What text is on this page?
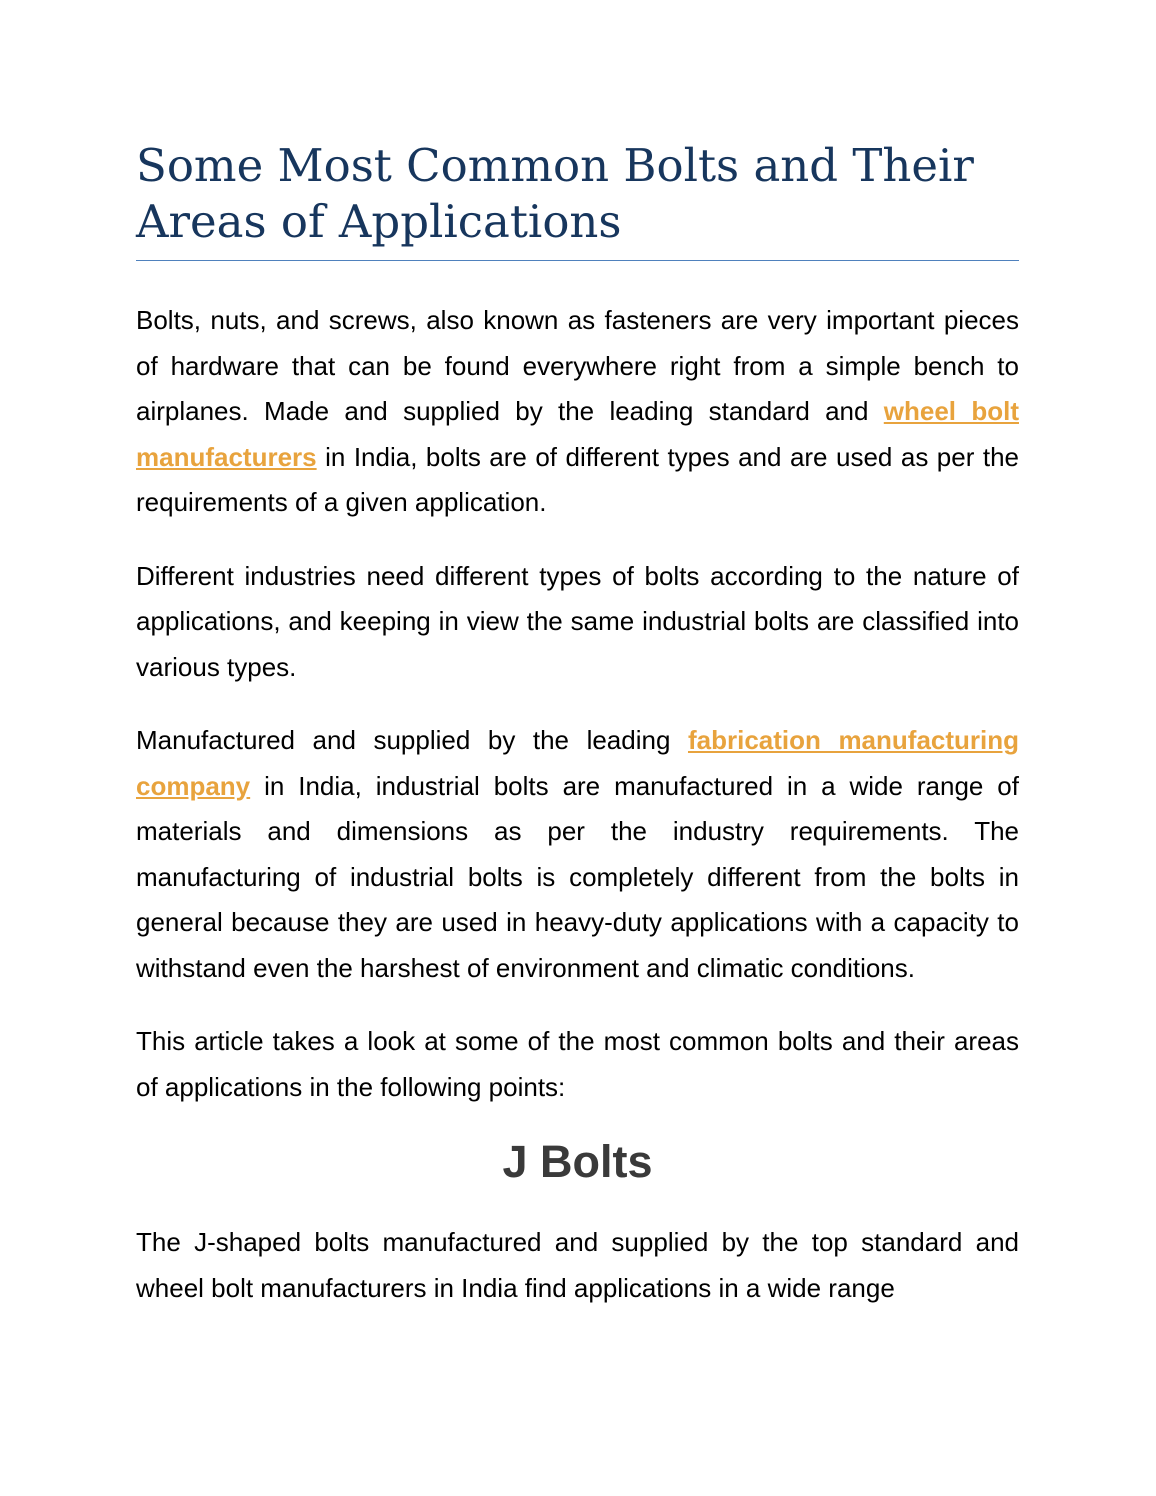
Some Most Common Bolts and Their Areas of Applications

Bolts, nuts, and screws, also known as fasteners are very important pieces of hardware that can be found everywhere right from a simple bench to airplanes. Made and supplied by the leading standard and wheel bolt manufacturers in India, bolts are of different types and are used as per the requirements of a given application.

Different industries need different types of bolts according to the nature of applications, and keeping in view the same industrial bolts are classified into various types.

Manufactured and supplied by the leading fabrication manufacturing company in India, industrial bolts are manufactured in a wide range of materials and dimensions as per the industry requirements. The manufacturing of industrial bolts is completely different from the bolts in general because they are used in heavy-duty applications with a capacity to withstand even the harshest of environment and climatic conditions.

This article takes a look at some of the most common bolts and their areas of applications in the following points:

J Bolts

The J-shaped bolts manufactured and supplied by the top standard and wheel bolt manufacturers in India find applications in a wide range
